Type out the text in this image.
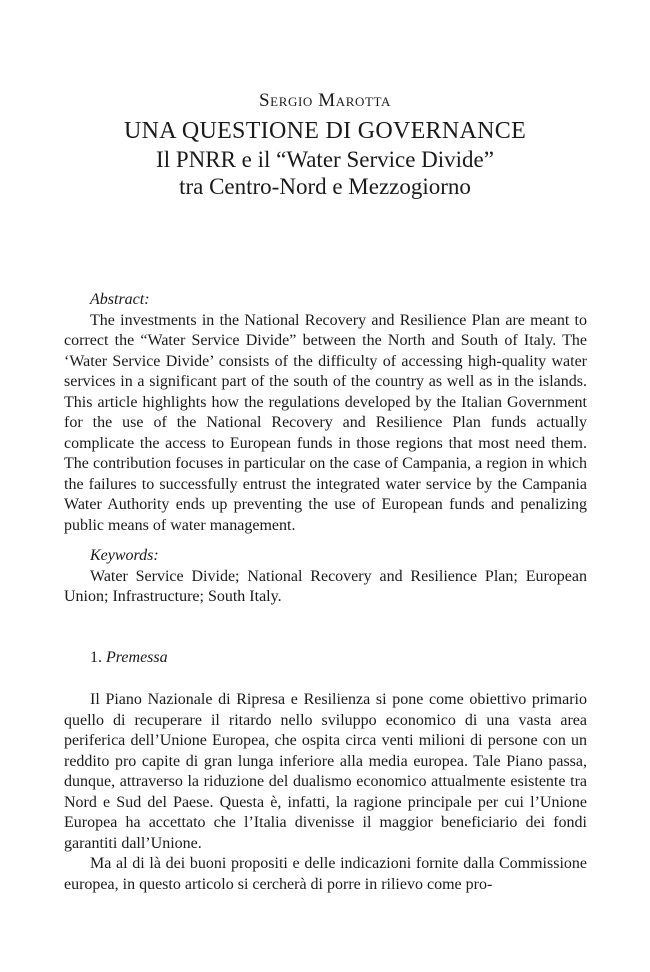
Sergio Marotta

UNA QUESTIONE DI GOVERNANCE

Il PNRR e il “Water Service Divide”

tra Centro-Nord e Mezzogiorno

Abstract:

The investments in the National Recovery and Resilience Plan are meant to correct the “Water Service Divide” between the North and South of Italy. The ‘Water Service Divide’ consists of the difficulty of accessing high-quality water services in a significant part of the south of the country as well as in the islands. This article highlights how the regulations developed by the Italian Government for the use of the National Recovery and Resilience Plan funds actually complicate the access to European funds in those regions that most need them. The contribution focuses in particular on the case of Campania, a region in which the failures to successfully entrust the integrated water service by the Campania Water Authority ends up preventing the use of European funds and penalizing public means of water management.

Keywords:

Water Service Divide; National Recovery and Resilience Plan; European Union; Infrastructure; South Italy.

1. Premessa

Il Piano Nazionale di Ripresa e Resilienza si pone come obiettivo primario quello di recuperare il ritardo nello sviluppo economico di una vasta area periferica dell’Unione Europea, che ospita circa venti milioni di persone con un reddito pro capite di gran lunga inferiore alla media europea. Tale Piano passa, dunque, attraverso la riduzione del dualismo economico attualmente esistente tra Nord e Sud del Paese. Questa è, infatti, la ragione principale per cui l’Unione Europea ha accettato che l’Italia divenisse il maggior beneficiario dei fondi garantiti dall’Unione.

Ma al di là dei buoni propositi e delle indicazioni fornite dalla Commissione europea, in questo articolo si cercherà di porre in rilievo come pro-
